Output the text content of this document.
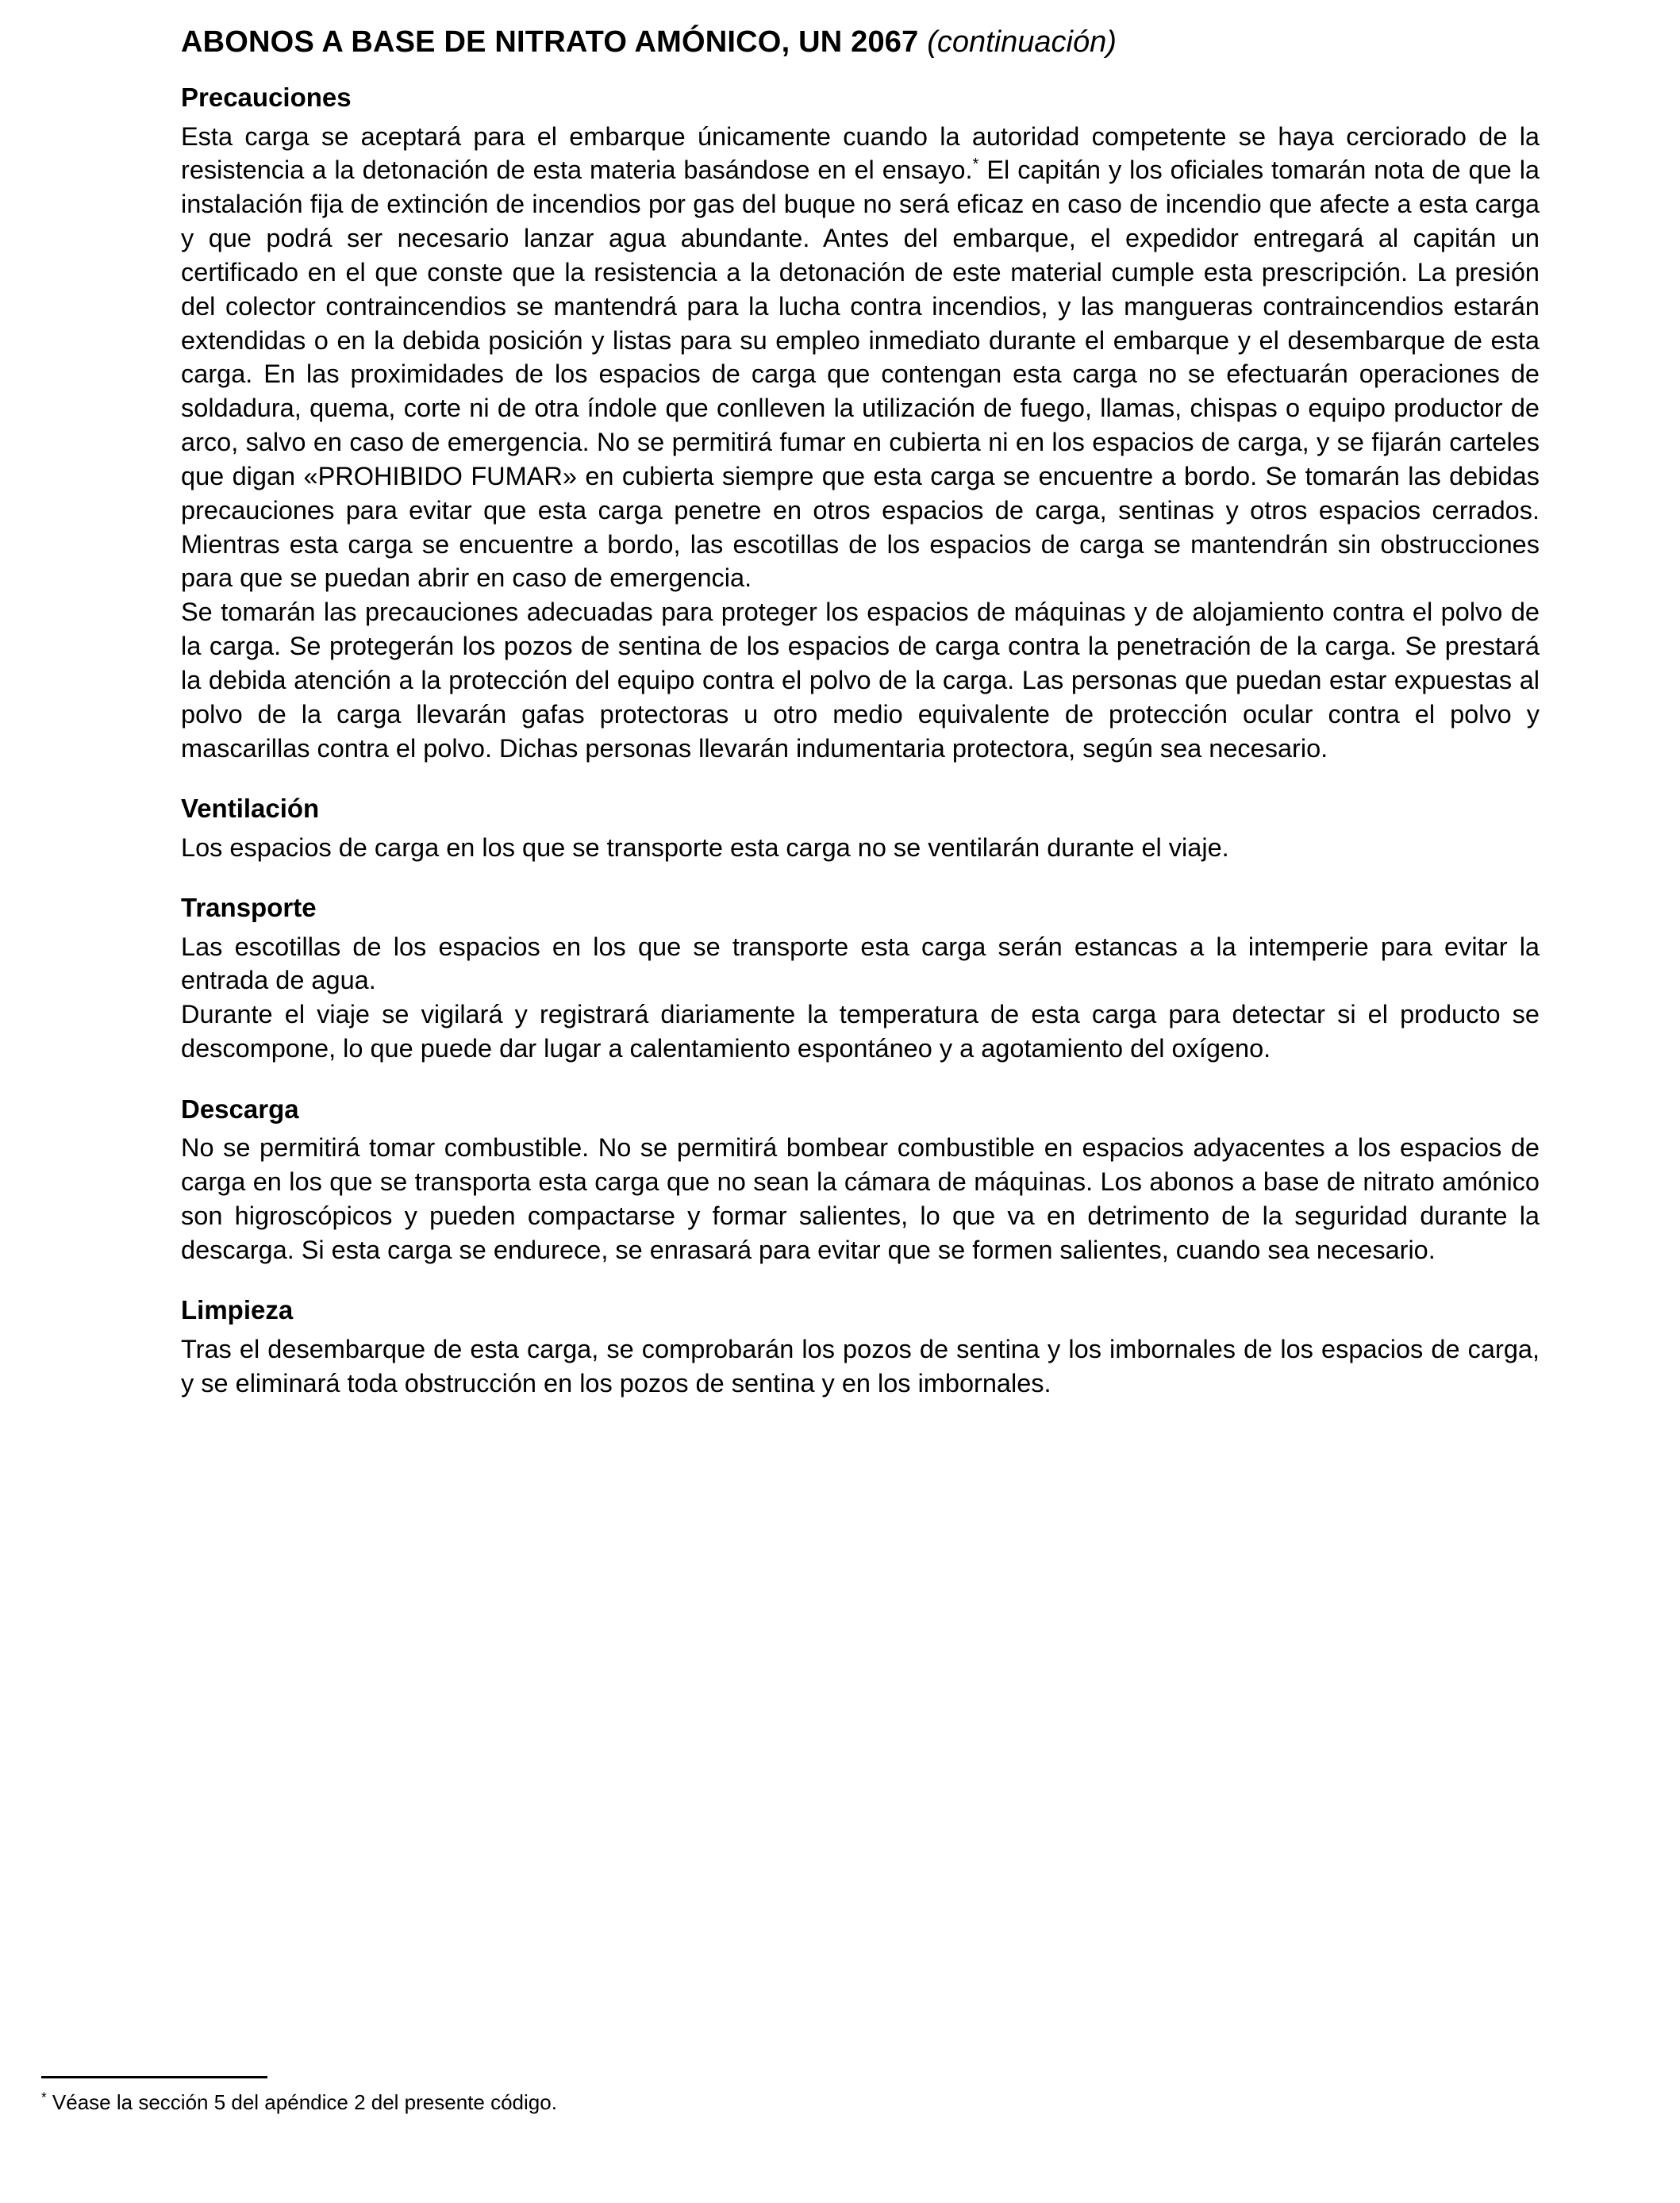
ABONOS A BASE DE NITRATO AMÓNICO, UN 2067 (continuación)
Precauciones

Esta carga se aceptará para el embarque únicamente cuando la autoridad competente se haya cerciorado de la resistencia a la detonación de esta materia basándose en el ensayo.* El capitán y los oficiales tomarán nota de que la instalación fija de extinción de incendios por gas del buque no será eficaz en caso de incendio que afecte a esta carga y que podrá ser necesario lanzar agua abundante. Antes del embarque, el expedidor entregará al capitán un certificado en el que conste que la resistencia a la detonación de este material cumple esta prescripción. La presión del colector contraincendios se mantendrá para la lucha contra incendios, y las mangueras contraincendios estarán extendidas o en la debida posición y listas para su empleo inmediato durante el embarque y el desembarque de esta carga. En las proximidades de los espacios de carga que contengan esta carga no se efectuarán operaciones de soldadura, quema, corte ni de otra índole que conlleven la utilización de fuego, llamas, chispas o equipo productor de arco, salvo en caso de emergencia. No se permitirá fumar en cubierta ni en los espacios de carga, y se fijarán carteles que digan «PROHIBIDO FUMAR» en cubierta siempre que esta carga se encuentre a bordo. Se tomarán las debidas precauciones para evitar que esta carga penetre en otros espacios de carga, sentinas y otros espacios cerrados. Mientras esta carga se encuentre a bordo, las escotillas de los espacios de carga se mantendrán sin obstrucciones para que se puedan abrir en caso de emergencia.

Se tomarán las precauciones adecuadas para proteger los espacios de máquinas y de alojamiento contra el polvo de la carga. Se protegerán los pozos de sentina de los espacios de carga contra la penetración de la carga. Se prestará la debida atención a la protección del equipo contra el polvo de la carga. Las personas que puedan estar expuestas al polvo de la carga llevarán gafas protectoras u otro medio equivalente de protección ocular contra el polvo y mascarillas contra el polvo. Dichas personas llevarán indumentaria protectora, según sea necesario.

Ventilación

Los espacios de carga en los que se transporte esta carga no se ventilarán durante el viaje.

Transporte

Las escotillas de los espacios en los que se transporte esta carga serán estancas a la intemperie para evitar la entrada de agua.

Durante el viaje se vigilará y registrará diariamente la temperatura de esta carga para detectar si el producto se descompone, lo que puede dar lugar a calentamiento espontáneo y a agotamiento del oxígeno.

Descarga

No se permitirá tomar combustible. No se permitirá bombear combustible en espacios adyacentes a los espacios de carga en los que se transporta esta carga que no sean la cámara de máquinas. Los abonos a base de nitrato amónico son higroscópicos y pueden compactarse y formar salientes, lo que va en detrimento de la seguridad durante la descarga. Si esta carga se endurece, se enrasará para evitar que se formen salientes, cuando sea necesario.

Limpieza

Tras el desembarque de esta carga, se comprobarán los pozos de sentina y los imbornales de los espacios de carga, y se eliminará toda obstrucción en los pozos de sentina y en los imbornales.

* Véase la sección 5 del apéndice 2 del presente código.
